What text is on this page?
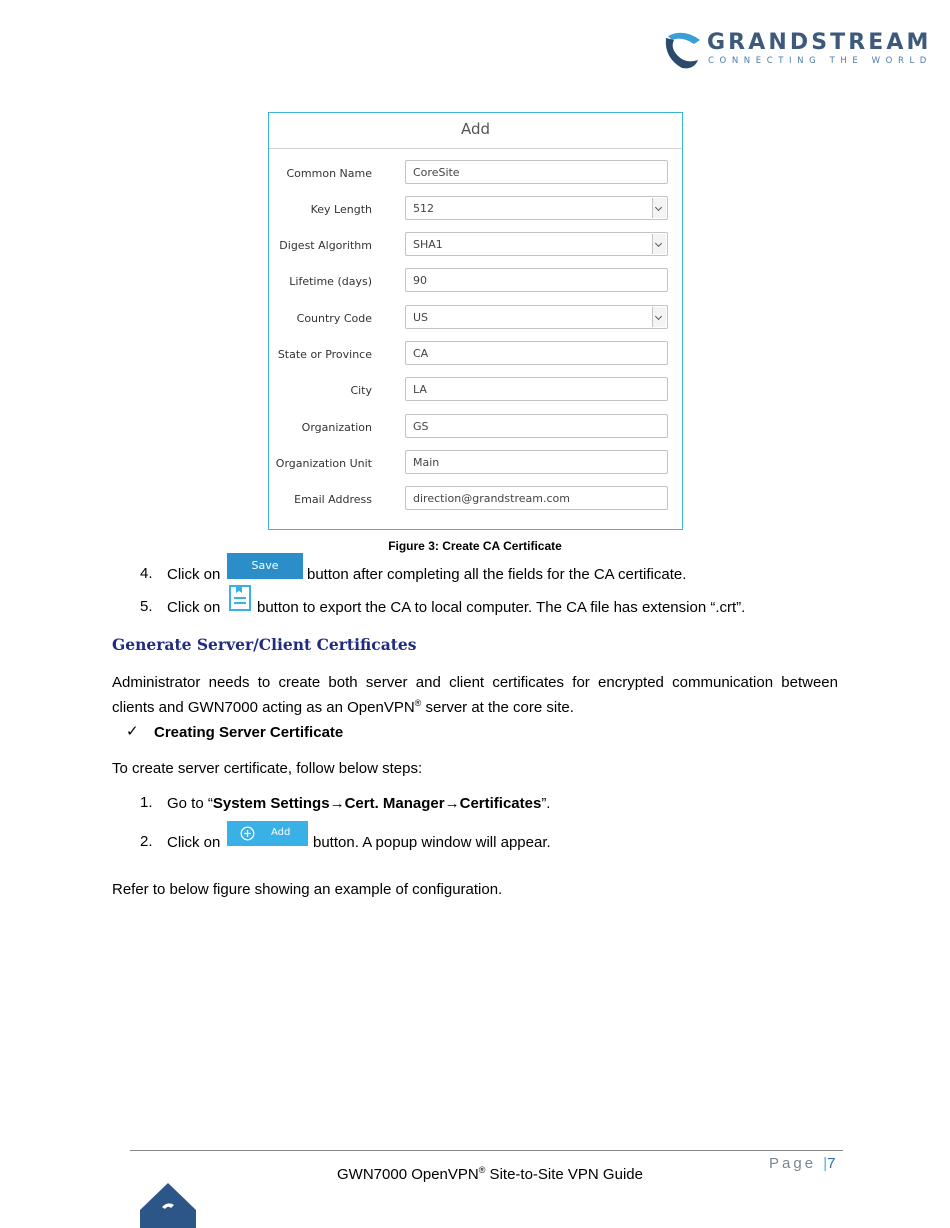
GRANDSTREAM
CONNECTING THE WORLD
Add
Common Name	CoreSite
Key Length	512
Digest Algorithm	SHA1
Lifetime (days)	90
Country Code	US
State or Province	CA
City	LA
Organization	GS
Organization Unit	Main
Email Address	direction@grandstream.com
Figure 3: Create CA Certificate
4. Click on
Save
button after completing all the fields for the CA certificate.
5. Click on button to export the CA to local computer. The CA file has extension “.crt”.
Generate Server/Client Certificates
Administrator needs to create both server and client certificates for encrypted communication between
clients and GWN7000 acting as an OpenVPN® server at the core site.
✓ Creating Server Certificate
To create server certificate, follow below steps:
1. Go to “System Settings→Cert. Manager→Certificates”.
2. Click on
Add
button. A popup window will appear.
Refer to below figure showing an example of configuration.
GWN7000 OpenVPN® Site-to-Site VPN Guide
Page |7
